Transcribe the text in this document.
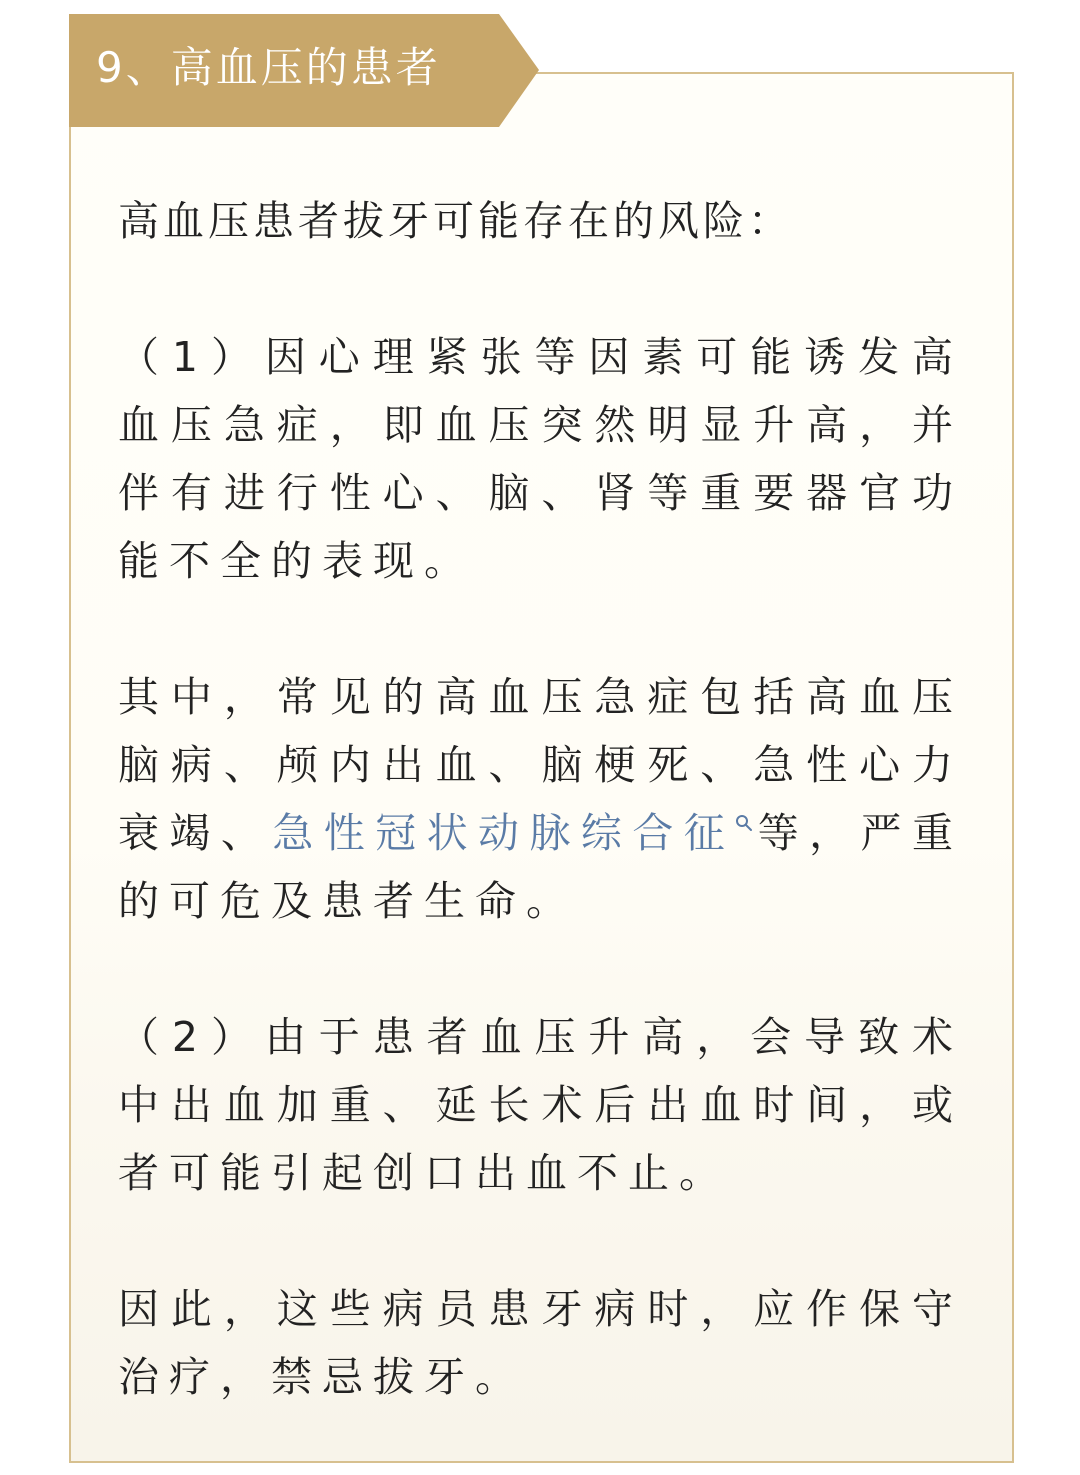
9、高血压的患者

高血压患者拔牙可能存在的风险：

（1）因心理紧张等因素可能诱发高血压急症，即血压突然明显升高，并伴有进行性心、脑、肾等重要器官功能不全的表现。

其中，常见的高血压急症包括高血压脑病、颅内出血、脑梗死、急性心力衰竭、急性冠状动脉综合征 等，严重的可危及患者生命。

（2）由于患者血压升高，会导致术中出血加重、延长术后出血时间，或者可能引起创口出血不止。

因此，这些病员患牙病时，应作保守治疗，禁忌拔牙。
